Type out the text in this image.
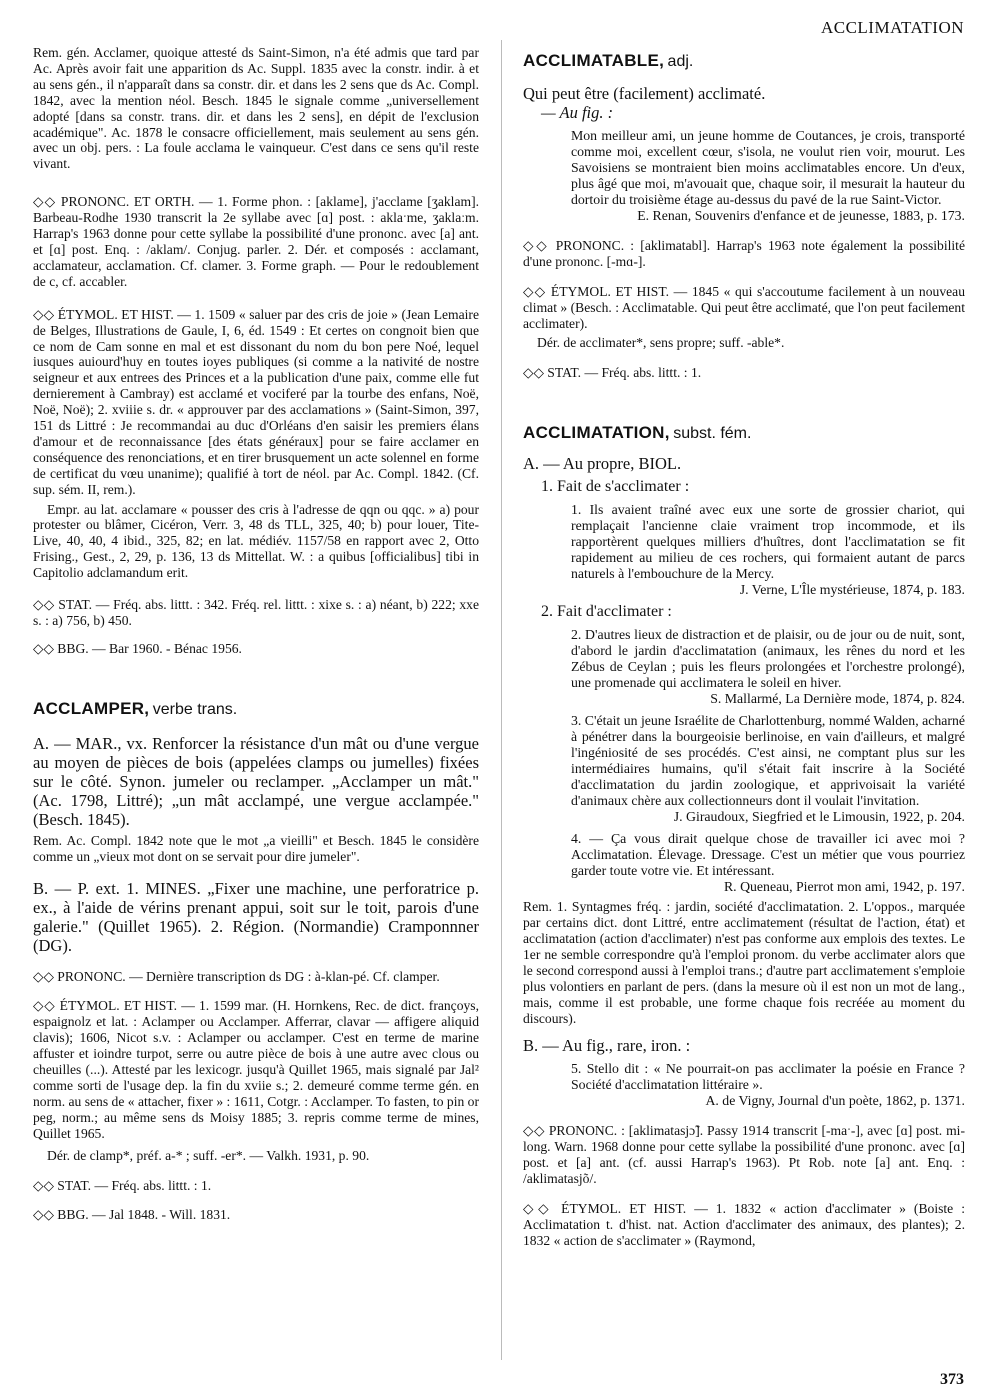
ACCLIMATATION

Rem. gén. Acclamer, quoique attesté ds Saint-Simon, n'a été admis que tard par Ac. Après avoir fait une apparition ds Ac. Suppl. 1835 avec la constr. indir. à et au sens gén., il n'apparaît dans sa constr. dir. et dans les 2 sens que ds Ac. Compl. 1842, avec la mention néol. Besch. 1845 le signale comme „universellement adopté [dans sa constr. trans. dir. et dans les 2 sens], en dépit de l'exclusion académique". Ac. 1878 le consacre officiellement, mais seulement au sens gén. avec un obj. pers. : La foule acclama le vainqueur. C'est dans ce sens qu'il reste vivant.

◇◇ PRONONC. ET ORTH. — 1. Forme phon. : [aklame], j'acclame [ʒaklam]. Barbeau-Rodhe 1930 transcrit la 2e syllabe avec [ɑ] post. : aklaˑme, ʒaklaːm. Harrap's 1963 donne pour cette syllabe la possibilité d'une prononc. avec [a] ant. et [ɑ] post. Enq. : /aklam/. Conjug. parler. 2. Dér. et composés : acclamant, acclamateur, acclamation. Cf. clamer. 3. Forme graph. — Pour le redoublement de c, cf. accabler.

◇◇ ÉTYMOL. ET HIST. — 1. 1509 « saluer par des cris de joie » (Jean Lemaire de Belges, Illustrations de Gaule, I, 6, éd. 1549 : Et certes on congnoit bien que ce nom de Cam sonne en mal et est dissonant du nom du bon pere Noé, lequel iusques auiourd'huy en toutes ioyes publiques (si comme a la nativité de nostre seigneur et aux entrees des Princes et a la publication d'une paix, comme elle fut dernierement à Cambray) est acclamé et vociferé par la tourbe des enfans, Noë, Noë, Noë); 2. xviiie s. dr. « approuver par des acclamations » (Saint-Simon, 397, 151 ds Littré : Je recommandai au duc d'Orléans d'en saisir les premiers élans d'amour et de reconnaissance [des états généraux] pour se faire acclamer en conséquence des renonciations, et en tirer brusquement un acte solennel en forme de certificat du vœu unanime); qualifié à tort de néol. par Ac. Compl. 1842. (Cf. sup. sém. II, rem.).

Empr. au lat. acclamare « pousser des cris à l'adresse de qqn ou qqc. » a) pour protester ou blâmer, Cicéron, Verr. 3, 48 ds TLL, 325, 40; b) pour louer, Tite-Live, 40, 40, 4 ibid., 325, 82; en lat. médiév. 1157/58 en rapport avec 2, Otto Frising., Gest., 2, 29, p. 136, 13 ds Mittellat. W. : a quibus [officialibus] tibi in Capitolio adclamandum erit.

◇◇ STAT. — Fréq. abs. littt. : 342. Fréq. rel. littt. : xixe s. : a) néant, b) 222; xxe s. : a) 756, b) 450.

◇◇ BBG. — Bar 1960. - Bénac 1956.

ACCLAMPER, verbe trans.

A. — MAR., vx. Renforcer la résistance d'un mât ou d'une vergue au moyen de pièces de bois (appelées clamps ou jumelles) fixées sur le côté. Synon. jumeler ou reclamper. „Acclamper un mât." (Ac. 1798, Littré); „un mât acclampé, une vergue acclampée." (Besch. 1845).

Rem. Ac. Compl. 1842 note que le mot „a vieilli" et Besch. 1845 le considère comme un „vieux mot dont on se servait pour dire jumeler".

B. — P. ext. 1. MINES. „Fixer une machine, une perforatrice p. ex., à l'aide de vérins prenant appui, soit sur le toit, parois d'une galerie." (Quillet 1965). 2. Région. (Normandie) Cramponnner (DG).

◇◇ PRONONC. — Dernière transcription ds DG : à-klan-pé. Cf. clamper.

◇◇ ÉTYMOL. ET HIST. — 1. 1599 mar. (H. Hornkens, Rec. de dict. françoys, espaignolz et lat. : Aclamper ou Acclamper. Afferrar, clavar — affigere aliquid clavis); 1606, Nicot s.v. : Aclamper ou acclamper. C'est en terme de marine affuster et ioindre turpot, serre ou autre pièce de bois à une autre avec clous ou cheuilles (...). Attesté par les lexicogr. jusqu'à Quillet 1965, mais signalé par Jal² comme sorti de l'usage dep. la fin du xviie s.; 2. demeuré comme terme gén. en norm. au sens de « attacher, fixer » : 1611, Cotgr. : Acclamper. To fasten, to pin or peg, norm.; au même sens ds Moisy 1885; 3. repris comme terme de mines, Quillet 1965.

Dér. de clamp*, préf. a-* ; suff. -er*. — Valkh. 1931, p. 90.

◇◇ STAT. — Fréq. abs. littt. : 1.

◇◇ BBG. — Jal 1848. - Will. 1831.

ACCLIMATABLE, adj.

Qui peut être (facilement) acclimaté.

— Au fig. :

Mon meilleur ami, un jeune homme de Coutances, je crois, transporté comme moi, excellent cœur, s'isola, ne voulut rien voir, mourut. Les Savoisiens se montraient bien moins acclimatables encore. Un d'eux, plus âgé que moi, m'avouait que, chaque soir, il mesurait la hauteur du dortoir du troisième étage au-dessus du pavé de la rue Saint-Victor.

E. Renan, Souvenirs d'enfance et de jeunesse, 1883, p. 173.

◇◇ PRONONC. : [aklimatabl]. Harrap's 1963 note également la possibilité d'une prononc. [-mɑ-].

◇◇ ÉTYMOL. ET HIST. — 1845 « qui s'accoutume facilement à un nouveau climat » (Besch. : Acclimatable. Qui peut être acclimaté, que l'on peut facilement acclimater).

Dér. de acclimater*, sens propre; suff. -able*.

◇◇ STAT. — Fréq. abs. littt. : 1.

ACCLIMATATION, subst. fém.

A. — Au propre, BIOL.

1. Fait de s'acclimater :

1. Ils avaient traîné avec eux une sorte de grossier chariot, qui remplaçait l'ancienne claie vraiment trop incommode, et ils rapportèrent quelques milliers d'huîtres, dont l'acclimatation se fit rapidement au milieu de ces rochers, qui formaient autant de parcs naturels à l'embouchure de la Mercy.

J. Verne, L'Île mystérieuse, 1874, p. 183.

2. Fait d'acclimater :

2. D'autres lieux de distraction et de plaisir, ou de jour ou de nuit, sont, d'abord le jardin d'acclimatation (animaux, les rênes du nord et les Zébus de Ceylan ; puis les fleurs prolongées et l'orchestre prolongé), une promenade qui acclimatera le soleil en hiver.

S. Mallarmé, La Dernière mode, 1874, p. 824.

3. C'était un jeune Israélite de Charlottenburg, nommé Walden, acharné à pénétrer dans la bourgeoisie berlinoise, en vain d'ailleurs, et malgré l'ingéniosité de ses procédés. C'est ainsi, ne comptant plus sur les intermédiaires humains, qu'il s'était fait inscrire à la Société d'acclimatation du jardin zoologique, et apprivoisait la variété d'animaux chère aux collectionneurs dont il voulait l'invitation.

J. Giraudoux, Siegfried et le Limousin, 1922, p. 204.

4. — Ça vous dirait quelque chose de travailler ici avec moi ? Acclimatation. Élevage. Dressage. C'est un métier que vous pourriez garder toute votre vie. Et intéressant.

R. Queneau, Pierrot mon ami, 1942, p. 197.

Rem. 1. Syntagmes fréq. : jardin, société d'acclimatation. 2. L'oppos., marquée par certains dict. dont Littré, entre acclimatement (résultat de l'action, état) et acclimatation (action d'acclimater) n'est pas conforme aux emplois des textes. Le 1er ne semble correspondre qu'à l'emploi pronom. du verbe acclimater alors que le second correspond aussi à l'emploi trans.; d'autre part acclimatement s'emploie plus volontiers en parlant de pers. (dans la mesure où il est non un mot de lang., mais, comme il est probable, une forme chaque fois recréée au moment du discours).

B. — Au fig., rare, iron. :

5. Stello dit : « Ne pourrait-on pas acclimater la poésie en France ? Société d'acclimatation littéraire ».

A. de Vigny, Journal d'un poète, 1862, p. 1371.

◇◇ PRONONC. : [aklimatasjɔ̃]. Passy 1914 transcrit [-maˑ-], avec [ɑ] post. mi-long. Warn. 1968 donne pour cette syllabe la possibilité d'une prononc. avec [ɑ] post. et [a] ant. (cf. aussi Harrap's 1963). Pt Rob. note [a] ant. Enq. : /aklimatasjõ/.

◇◇ ÉTYMOL. ET HIST. — 1. 1832 « action d'acclimater » (Boiste : Acclimatation t. d'hist. nat. Action d'acclimater des animaux, des plantes); 2. 1832 « action de s'acclimater » (Raymond,

373
